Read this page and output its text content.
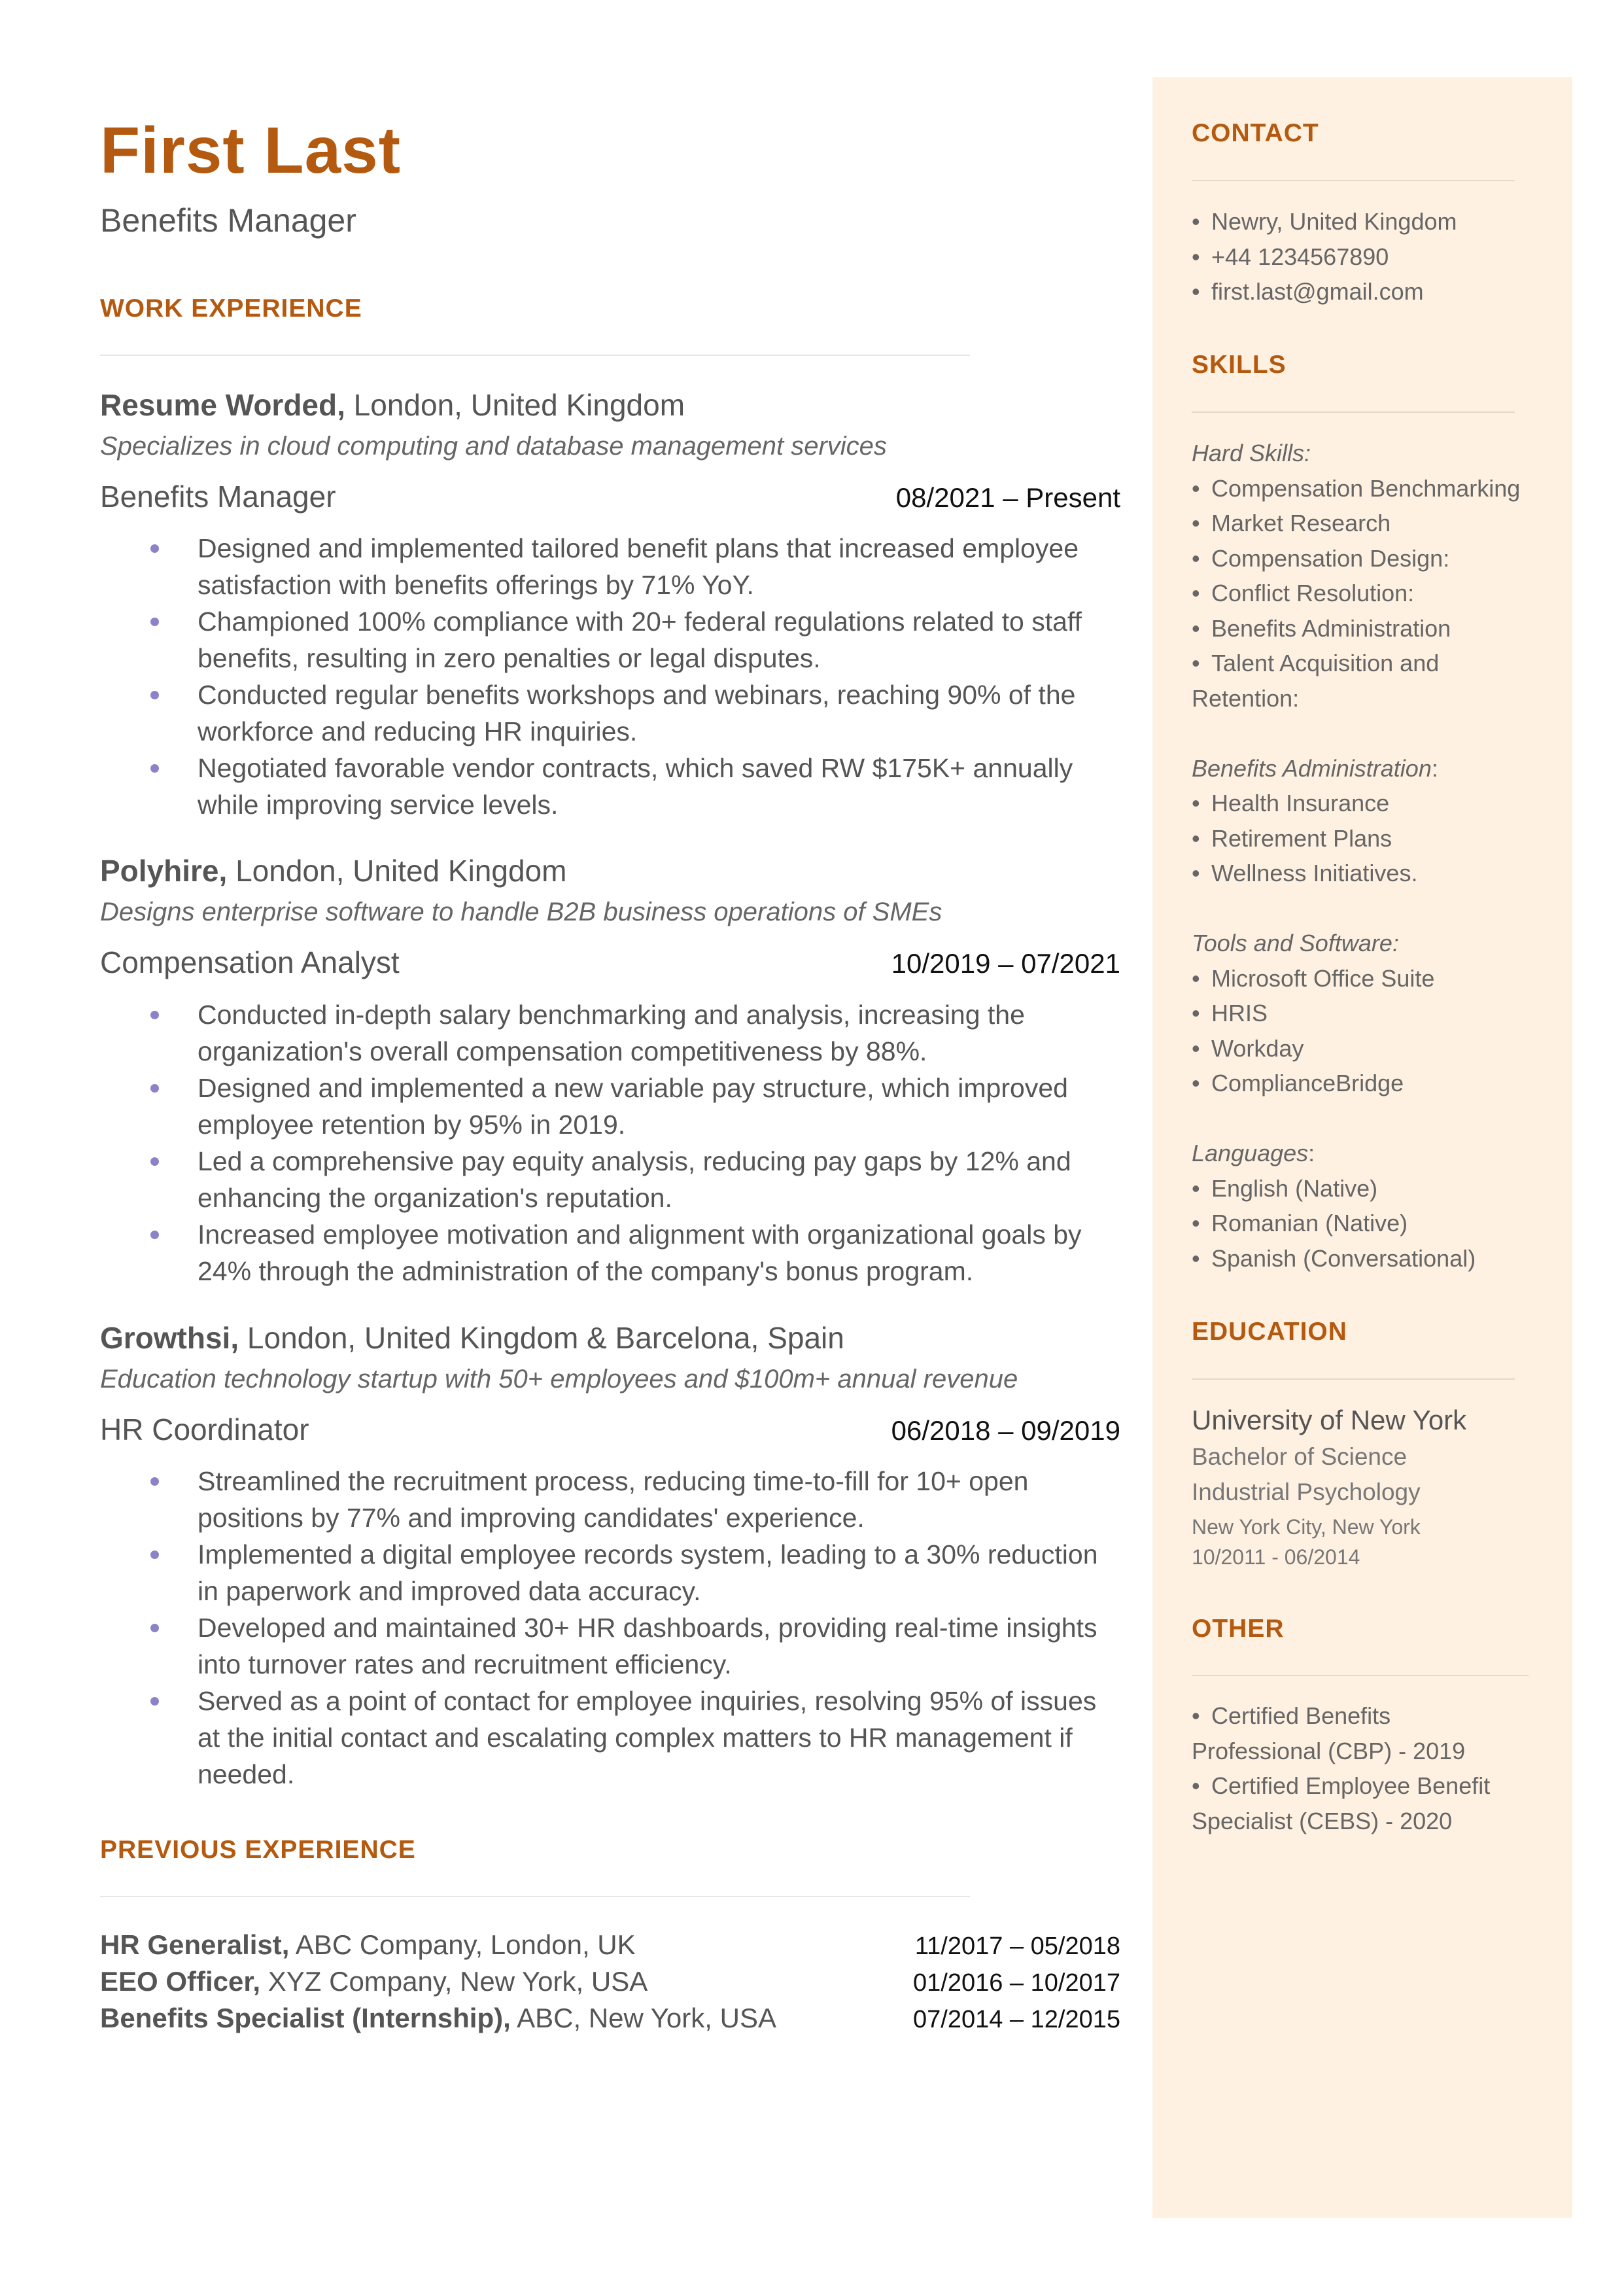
First Last
Benefits Manager
WORK EXPERIENCE
Resume Worded, London, United Kingdom
Specializes in cloud computing and database management services
Benefits Manager	08/2021 – Present
Designed and implemented tailored benefit plans that increased employee
satisfaction with benefits offerings by 71% YoY.
Championed 100% compliance with 20+ federal regulations related to staff
benefits, resulting in zero penalties or legal disputes.
Conducted regular benefits workshops and webinars, reaching 90% of the
workforce and reducing HR inquiries.
Negotiated favorable vendor contracts, which saved RW $175K+ annually
while improving service levels.
Polyhire, London, United Kingdom
Designs enterprise software to handle B2B business operations of SMEs
Compensation Analyst	10/2019 – 07/2021
Conducted in-depth salary benchmarking and analysis, increasing the
organization's overall compensation competitiveness by 88%.
Designed and implemented a new variable pay structure, which improved
employee retention by 95% in 2019.
Led a comprehensive pay equity analysis, reducing pay gaps by 12% and
enhancing the organization's reputation.
Increased employee motivation and alignment with organizational goals by
24% through the administration of the company's bonus program.
Growthsi, London, United Kingdom & Barcelona, Spain
Education technology startup with 50+ employees and $100m+ annual revenue
HR Coordinator	06/2018 – 09/2019
Streamlined the recruitment process, reducing time-to-fill for 10+ open
positions by 77% and improving candidates' experience.
Implemented a digital employee records system, leading to a 30% reduction
in paperwork and improved data accuracy.
Developed and maintained 30+ HR dashboards, providing real-time insights
into turnover rates and recruitment efficiency.
Served as a point of contact for employee inquiries, resolving 95% of issues
at the initial contact and escalating complex matters to HR management if
needed.
PREVIOUS EXPERIENCE
HR Generalist, ABC Company, London, UK	11/2017 – 05/2018
EEO Officer, XYZ Company, New York, USA	01/2016 – 10/2017
Benefits Specialist (Internship), ABC, New York, USA	07/2014 – 12/2015
CONTACT
• Newry, United Kingdom
• +44 1234567890
• first.last@gmail.com
SKILLS
Hard Skills:
• Compensation Benchmarking
• Market Research
• Compensation Design:
• Conflict Resolution:
• Benefits Administration
• Talent Acquisition and
Retention:

Benefits Administration:
• Health Insurance
• Retirement Plans
• Wellness Initiatives.

Tools and Software:
• Microsoft Office Suite
• HRIS
• Workday
• ComplianceBridge

Languages:
• English (Native)
• Romanian (Native)
• Spanish (Conversational)
EDUCATION
University of New York
Bachelor of Science
Industrial Psychology
New York City, New York
10/2011 - 06/2014
OTHER
• Certified Benefits
Professional (CBP) - 2019
• Certified Employee Benefit
Specialist (CEBS) - 2020
